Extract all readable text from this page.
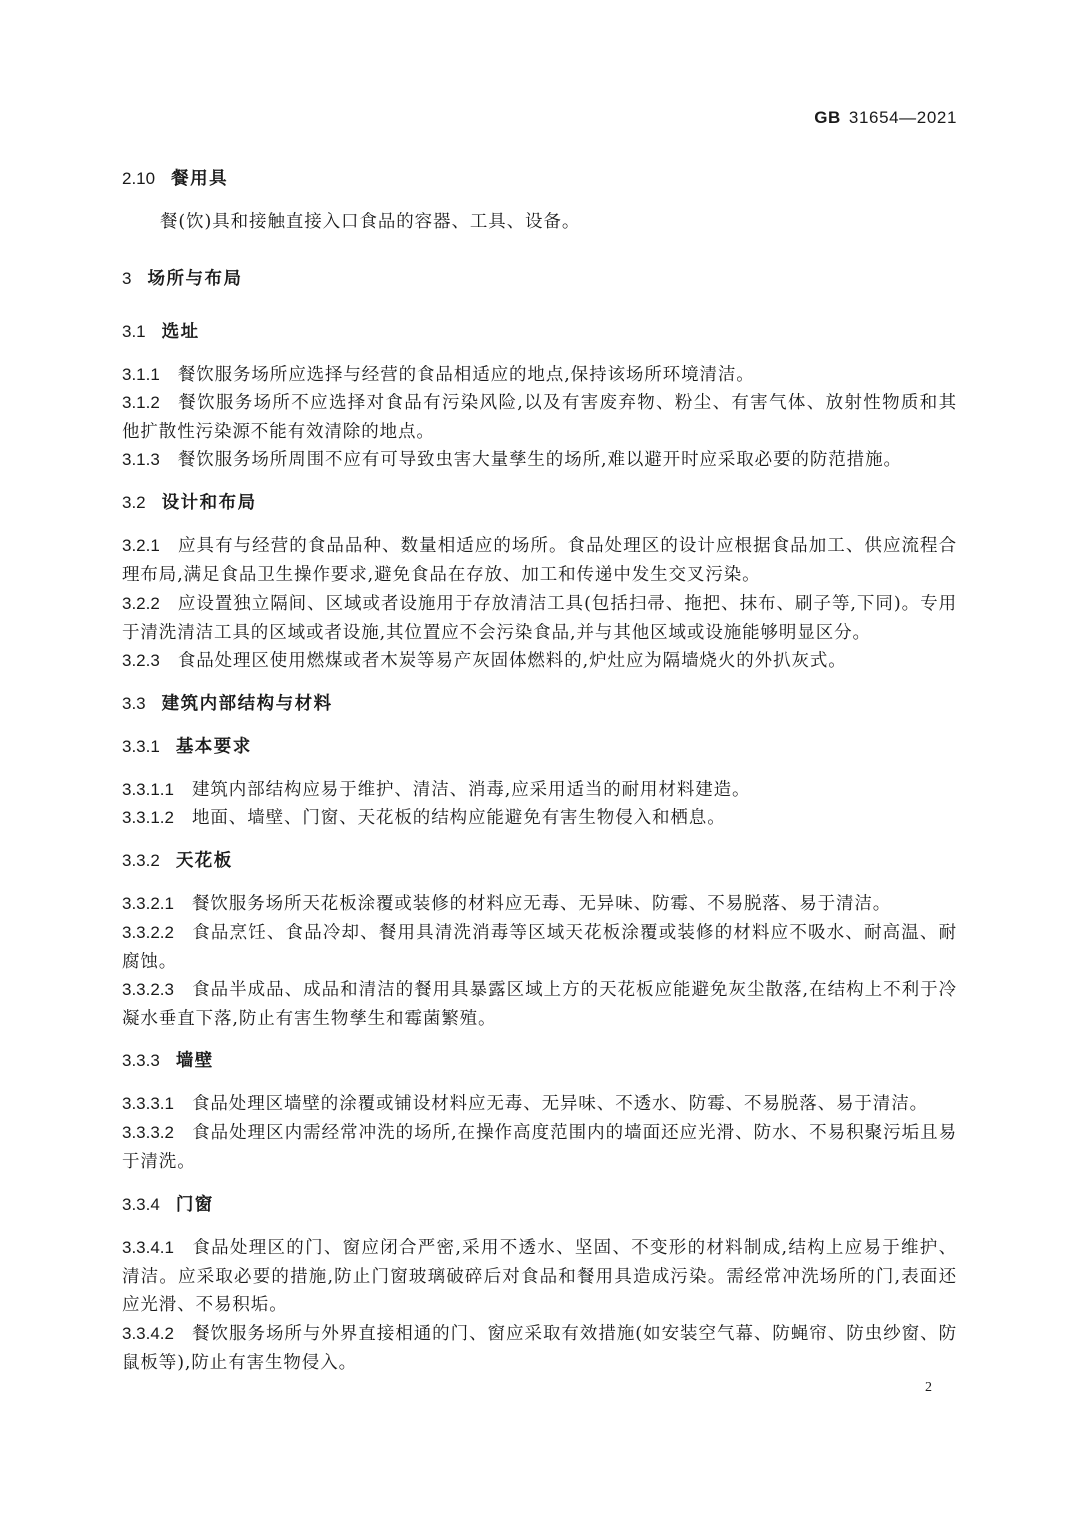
GB 31654—2021
2.10 餐用具
餐(饮)具和接触直接入口食品的容器、工具、设备。
3 场所与布局
3.1 选址
3.1.1 餐饮服务场所应选择与经营的食品相适应的地点,保持该场所环境清洁。
3.1.2 餐饮服务场所不应选择对食品有污染风险,以及有害废弃物、粉尘、有害气体、放射性物质和其他扩散性污染源不能有效清除的地点。
3.1.3 餐饮服务场所周围不应有可导致虫害大量孳生的场所,难以避开时应采取必要的防范措施。
3.2 设计和布局
3.2.1 应具有与经营的食品品种、数量相适应的场所。食品处理区的设计应根据食品加工、供应流程合理布局,满足食品卫生操作要求,避免食品在存放、加工和传递中发生交叉污染。
3.2.2 应设置独立隔间、区域或者设施用于存放清洁工具(包括扫帚、拖把、抹布、刷子等,下同)。专用于清洗清洁工具的区域或者设施,其位置应不会污染食品,并与其他区域或设施能够明显区分。
3.2.3 食品处理区使用燃煤或者木炭等易产灰固体燃料的,炉灶应为隔墙烧火的外扒灰式。
3.3 建筑内部结构与材料
3.3.1 基本要求
3.3.1.1 建筑内部结构应易于维护、清洁、消毒,应采用适当的耐用材料建造。
3.3.1.2 地面、墙壁、门窗、天花板的结构应能避免有害生物侵入和栖息。
3.3.2 天花板
3.3.2.1 餐饮服务场所天花板涂覆或装修的材料应无毒、无异味、防霉、不易脱落、易于清洁。
3.3.2.2 食品烹饪、食品冷却、餐用具清洗消毒等区域天花板涂覆或装修的材料应不吸水、耐高温、耐腐蚀。
3.3.2.3 食品半成品、成品和清洁的餐用具暴露区域上方的天花板应能避免灰尘散落,在结构上不利于冷凝水垂直下落,防止有害生物孳生和霉菌繁殖。
3.3.3 墙壁
3.3.3.1 食品处理区墙壁的涂覆或铺设材料应无毒、无异味、不透水、防霉、不易脱落、易于清洁。
3.3.3.2 食品处理区内需经常冲洗的场所,在操作高度范围内的墙面还应光滑、防水、不易积聚污垢且易于清洗。
3.3.4 门窗
3.3.4.1 食品处理区的门、窗应闭合严密,采用不透水、坚固、不变形的材料制成,结构上应易于维护、清洁。应采取必要的措施,防止门窗玻璃破碎后对食品和餐用具造成污染。需经常冲洗场所的门,表面还应光滑、不易积垢。
3.3.4.2 餐饮服务场所与外界直接相通的门、窗应采取有效措施(如安装空气幕、防蝇帘、防虫纱窗、防鼠板等),防止有害生物侵入。
2
